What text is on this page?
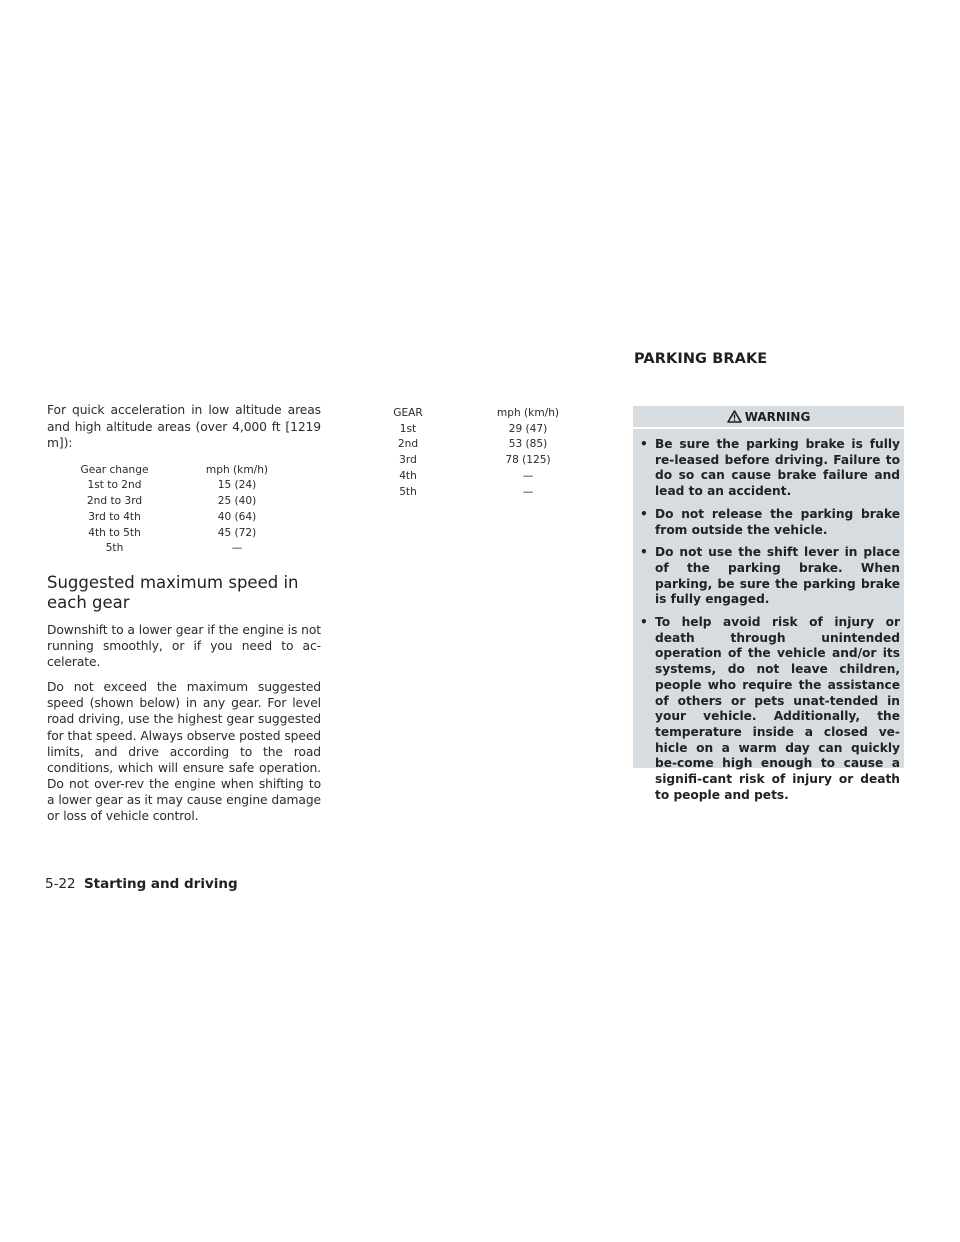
For quick acceleration in low altitude areas and high altitude areas (over 4,000 ft [1219 m]):

Gear change	mph (km/h)
1st to 2nd	15 (24)
2nd to 3rd	25 (40)
3rd to 4th	40 (64)
4th to 5th	45 (72)
5th	—
Suggested maximum speed in each gear

Downshift to a lower gear if the engine is not running smoothly, or if you need to ac-celerate.

Do not exceed the maximum suggested speed (shown below) in any gear. For level road driving, use the highest gear suggested for that speed. Always observe posted speed limits, and drive according to the road conditions, which will ensure safe operation. Do not over-rev the engine when shifting to a lower gear as it may cause engine damage or loss of vehicle control.

GEAR	mph (km/h)
1st	29 (47)
2nd	53 (85)
3rd	78 (125)
4th	—
5th	—
PARKING BRAKE
WARNING
• Be sure the parking brake is fully re-leased before driving. Failure to do so can cause brake failure and lead to an accident.
• Do not release the parking brake from outside the vehicle.
• Do not use the shift lever in place of the parking brake. When parking, be sure the parking brake is fully engaged.
• To help avoid risk of injury or death through unintended operation of the vehicle and/or its systems, do not leave children, people who require the assistance of others or pets unat-tended in your vehicle. Additionally, the temperature inside a closed ve-hicle on a warm day can quickly be-come high enough to cause a signifi-cant risk of injury or death to people and pets.
5-22 Starting and driving
